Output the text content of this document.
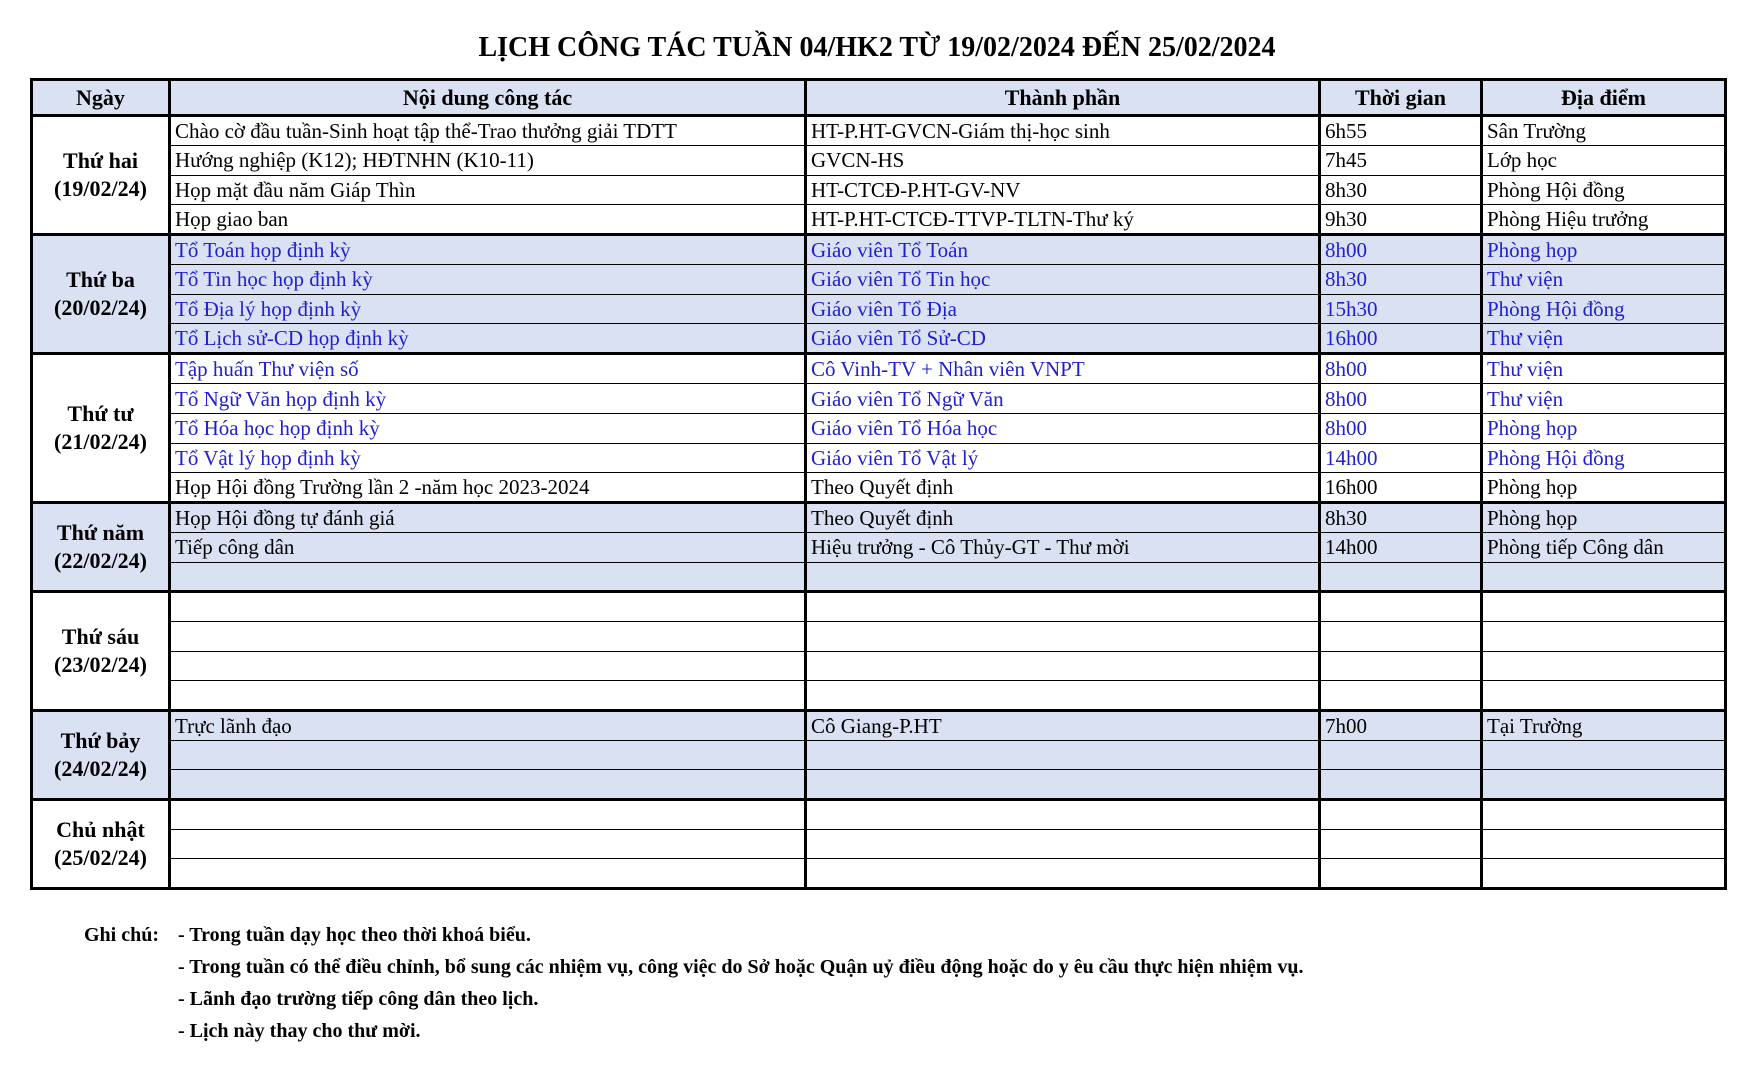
LỊCH CÔNG TÁC TUẦN 04/HK2 TỪ 19/02/2024 ĐẾN 25/02/2024
Ngày	Nội dung công tác	Thành phần	Thời gian	Địa điểm

Thứ hai
(19/02/24)	Chào cờ đầu tuần-Sinh hoạt tập thể-Trao thưởng giải TDTT	HT-P.HT-GVCN-Giám thị-học sinh	6h55	Sân Trường
	Hướng nghiệp (K12); HĐTNHN (K10-11)	GVCN-HS	7h45	Lớp học
	Họp mặt đầu năm Giáp Thìn	HT-CTCĐ-P.HT-GV-NV	8h30	Phòng Hội đồng
	Họp giao ban	HT-P.HT-CTCĐ-TTVP-TLTN-Thư ký	9h30	Phòng Hiệu trưởng

Thứ ba
(20/02/24)	Tổ Toán họp định kỳ	Giáo viên Tổ Toán	8h00	Phòng họp
	Tổ Tin học họp định kỳ	Giáo viên Tổ Tin học	8h30	Thư viện
	Tổ Địa lý họp định kỳ	Giáo viên Tổ Địa	15h30	Phòng Hội đồng
	Tổ Lịch sử-CD họp định kỳ	Giáo viên Tổ Sử-CD	16h00	Thư viện

Thứ tư
(21/02/24)	Tập huấn Thư viện số	Cô Vinh-TV + Nhân viên VNPT	8h00	Thư viện
	Tổ Ngữ Văn họp định kỳ	Giáo viên Tổ Ngữ Văn	8h00	Thư viện
	Tổ Hóa học họp định kỳ	Giáo viên Tổ Hóa học	8h00	Phòng họp
	Tổ Vật lý họp định kỳ	Giáo viên Tổ Vật lý	14h00	Phòng Hội đồng
	Họp Hội đồng Trường lần 2 -năm học 2023-2024	Theo Quyết định	16h00	Phòng họp

Thứ năm
(22/02/24)	Họp Hội đồng tự đánh giá	Theo Quyết định	8h30	Phòng họp
	Tiếp công dân	Hiệu trưởng - Cô Thủy-GT - Thư mời	14h00	Phòng tiếp Công dân

Thứ sáu
(23/02/24)				

Thứ bảy
(24/02/24)	Trực lãnh đạo	Cô Giang-P.HT	7h00	Tại Trường

Chủ nhật
(25/02/24)				

Ghi chú: - Trong tuần dạy học theo thời khoá biểu.
- Trong tuần có thể điều chỉnh, bổ sung các nhiệm vụ, công việc do Sở hoặc Quận uỷ điều động hoặc do y êu cầu thực hiện nhiệm vụ.
- Lãnh đạo trường tiếp công dân theo lịch.
- Lịch này thay cho thư mời.
